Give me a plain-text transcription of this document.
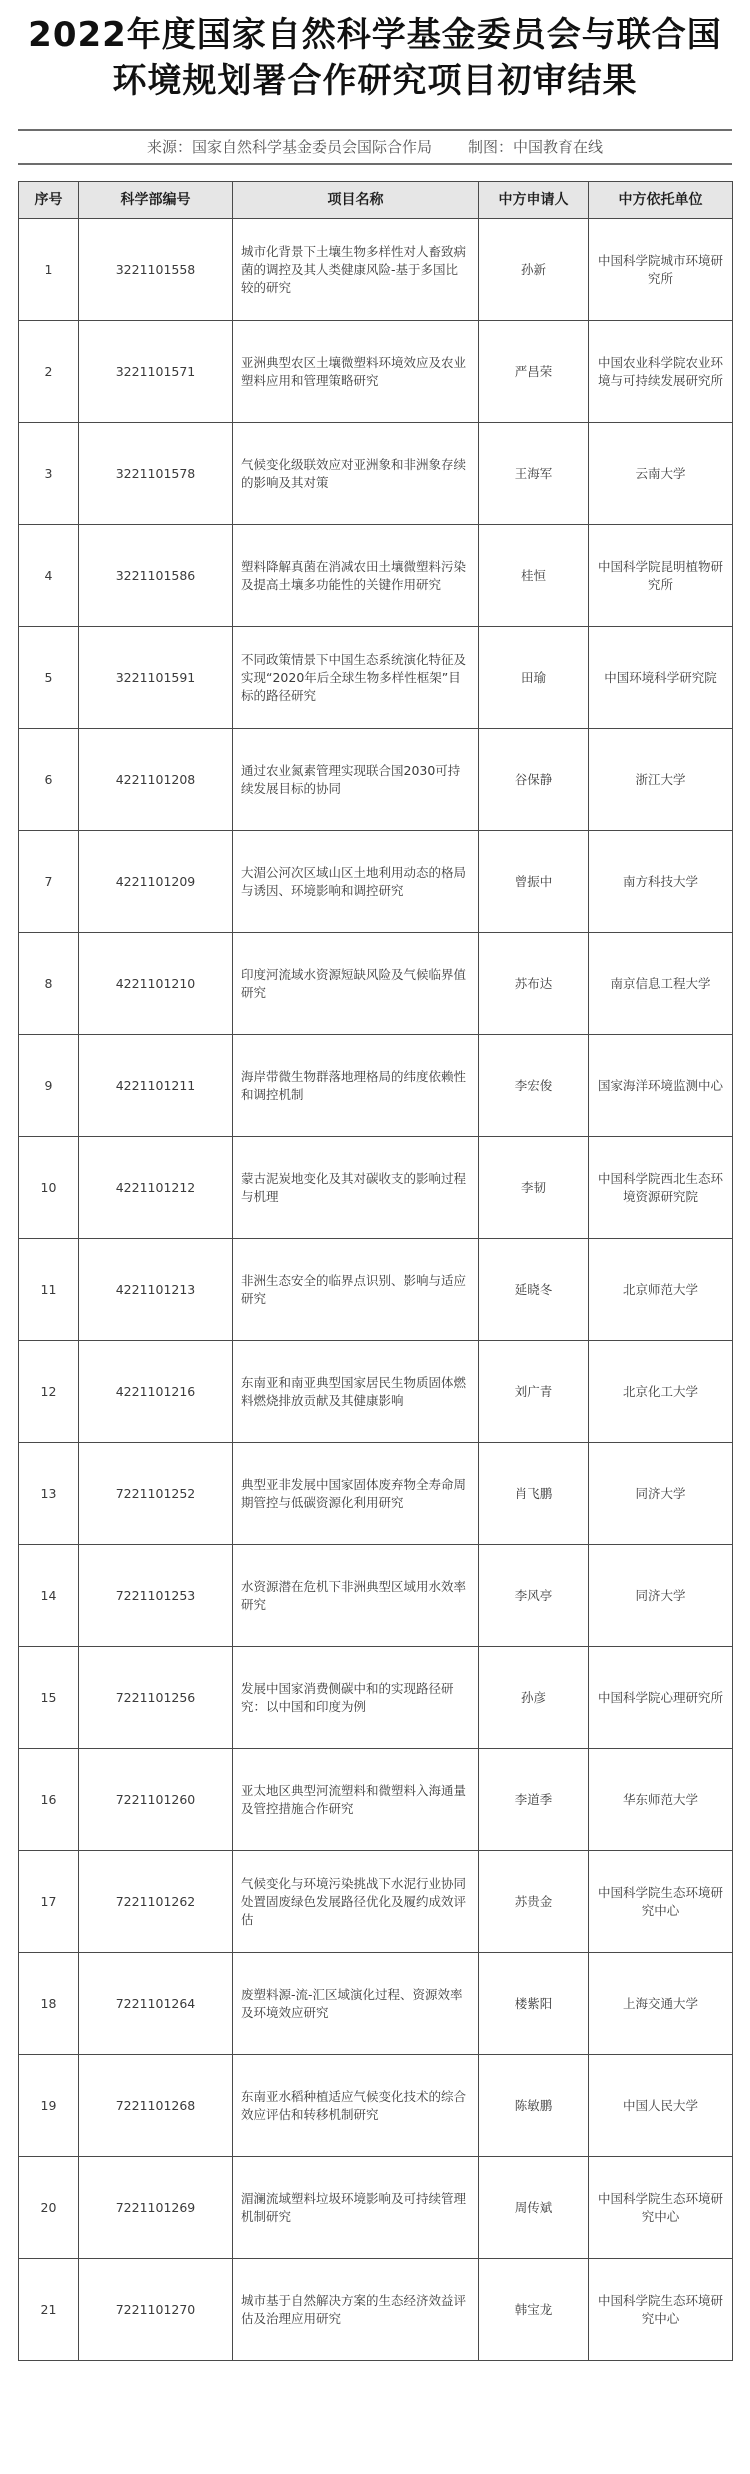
2022年度国家自然科学基金委员会与联合国
环境规划署合作研究项目初审结果
来源：国家自然科学基金委员会国际合作局 制图：中国教育在线
序号	科学部编号	项目名称	中方申请人	中方依托单位
1	3221101558	城市化背景下土壤生物多样性对人畜致病菌的调控及其人类健康风险-基于多国比较的研究	孙新	中国科学院城市环境研究所
2	3221101571	亚洲典型农区土壤微塑料环境效应及农业塑料应用和管理策略研究	严昌荣	中国农业科学院农业环境与可持续发展研究所
3	3221101578	气候变化级联效应对亚洲象和非洲象存续的影响及其对策	王海军	云南大学
4	3221101586	塑料降解真菌在消减农田土壤微塑料污染及提高土壤多功能性的关键作用研究	桂恒	中国科学院昆明植物研究所
5	3221101591	不同政策情景下中国生态系统演化特征及实现“2020年后全球生物多样性框架”目标的路径研究	田瑜	中国环境科学研究院
6	4221101208	通过农业氮素管理实现联合国2030可持续发展目标的协同	谷保静	浙江大学
7	4221101209	大湄公河次区域山区土地利用动态的格局与诱因、环境影响和调控研究	曾振中	南方科技大学
8	4221101210	印度河流域水资源短缺风险及气候临界值研究	苏布达	南京信息工程大学
9	4221101211	海岸带微生物群落地理格局的纬度依赖性和调控机制	李宏俊	国家海洋环境监测中心
10	4221101212	蒙古泥炭地变化及其对碳收支的影响过程与机理	李韧	中国科学院西北生态环境资源研究院
11	4221101213	非洲生态安全的临界点识别、影响与适应研究	延晓冬	北京师范大学
12	4221101216	东南亚和南亚典型国家居民生物质固体燃料燃烧排放贡献及其健康影响	刘广青	北京化工大学
13	7221101252	典型亚非发展中国家固体废弃物全寿命周期管控与低碳资源化利用研究	肖飞鹏	同济大学
14	7221101253	水资源潜在危机下非洲典型区域用水效率研究	李风亭	同济大学
15	7221101256	发展中国家消费侧碳中和的实现路径研究：以中国和印度为例	孙彦	中国科学院心理研究所
16	7221101260	亚太地区典型河流塑料和微塑料入海通量及管控措施合作研究	李道季	华东师范大学
17	7221101262	气候变化与环境污染挑战下水泥行业协同处置固废绿色发展路径优化及履约成效评估	苏贵金	中国科学院生态环境研究中心
18	7221101264	废塑料源-流-汇区域演化过程、资源效率及环境效应研究	楼紫阳	上海交通大学
19	7221101268	东南亚水稻种植适应气候变化技术的综合效应评估和转移机制研究	陈敏鹏	中国人民大学
20	7221101269	湄澜流域塑料垃圾环境影响及可持续管理机制研究	周传斌	中国科学院生态环境研究中心
21	7221101270	城市基于自然解决方案的生态经济效益评估及治理应用研究	韩宝龙	中国科学院生态环境研究中心
